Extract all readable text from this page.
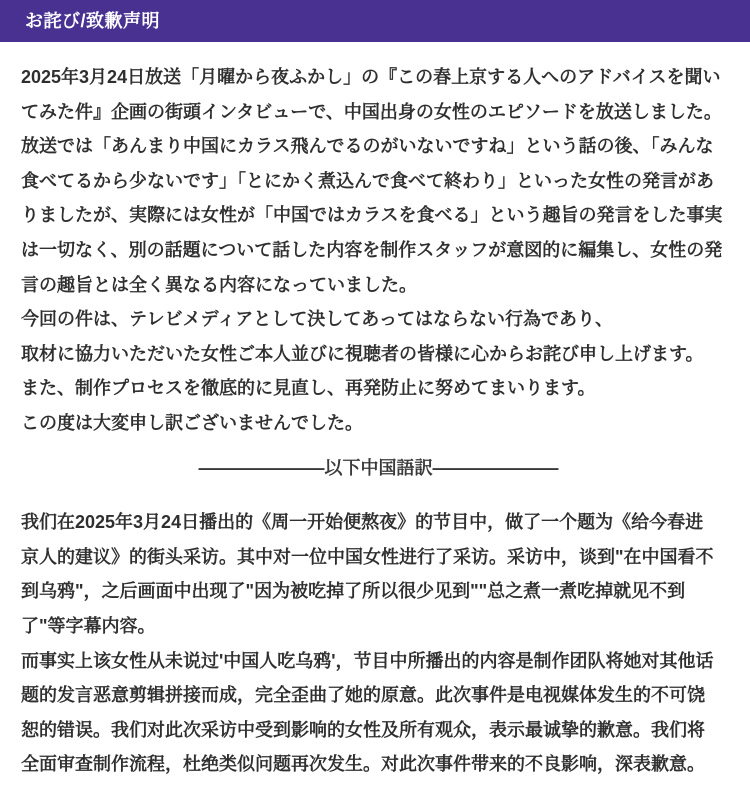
お詫び/致歉声明
2025年3月24日放送「月曜から夜ふかし」の『この春上京する人へのアドバイスを聞い
てみた件』企画の街頭インタビューで、中国出身の女性のエピソードを放送しました。
放送では「あんまり中国にカラス飛んでるのがいないですね」という話の後、「みんな
食べてるから少ないです」「とにかく煮込んで食べて終わり」といった女性の発言があ
りましたが、実際には女性が「中国ではカラスを食べる」という趣旨の発言をした事実
は一切なく、別の話題について話した内容を制作スタッフが意図的に編集し、女性の発
言の趣旨とは全く異なる内容になっていました。
今回の件は、テレビメディアとして決してあってはならない行為であり、
取材に協力いただいた女性ご本人並びに視聴者の皆様に心からお詫び申し上げます。
また、制作プロセスを徹底的に見直し、再発防止に努めてまいります。
この度は大変申し訳ございませんでした。
———————以下中国語訳———————
我们在2025年3月24日播出的《周一开始便熬夜》的节目中，做了一个题为《给今春进
京人的建议》的街头采访。其中对一位中国女性进行了采访。采访中，谈到"在中国看不
到乌鸦"，之后画面中出现了"因为被吃掉了所以很少见到""总之煮一煮吃掉就见不到
了"等字幕内容。
而事实上该女性从未说过'中国人吃乌鸦'，节目中所播出的内容是制作团队将她对其他话
题的发言恶意剪辑拼接而成，完全歪曲了她的原意。此次事件是电视媒体发生的不可饶
恕的错误。我们对此次采访中受到影响的女性及所有观众，表示最诚挚的歉意。我们将
全面审查制作流程，杜绝类似问题再次发生。对此次事件带来的不良影响，深表歉意。
